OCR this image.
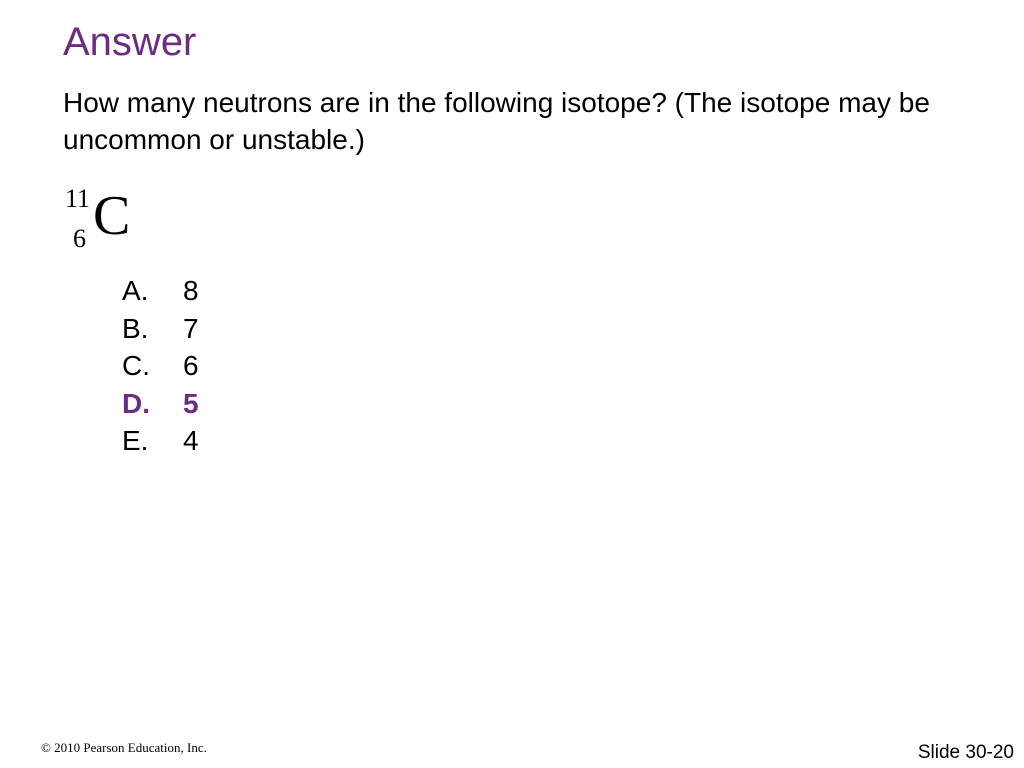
Answer

How many neutrons are in the following isotope? (The isotope may be uncommon or unstable.)

11
6 C
A.	8
B.	7
C.	6
D.	5
E.	4
© 2010 Pearson Education, Inc.	Slide 30-20
